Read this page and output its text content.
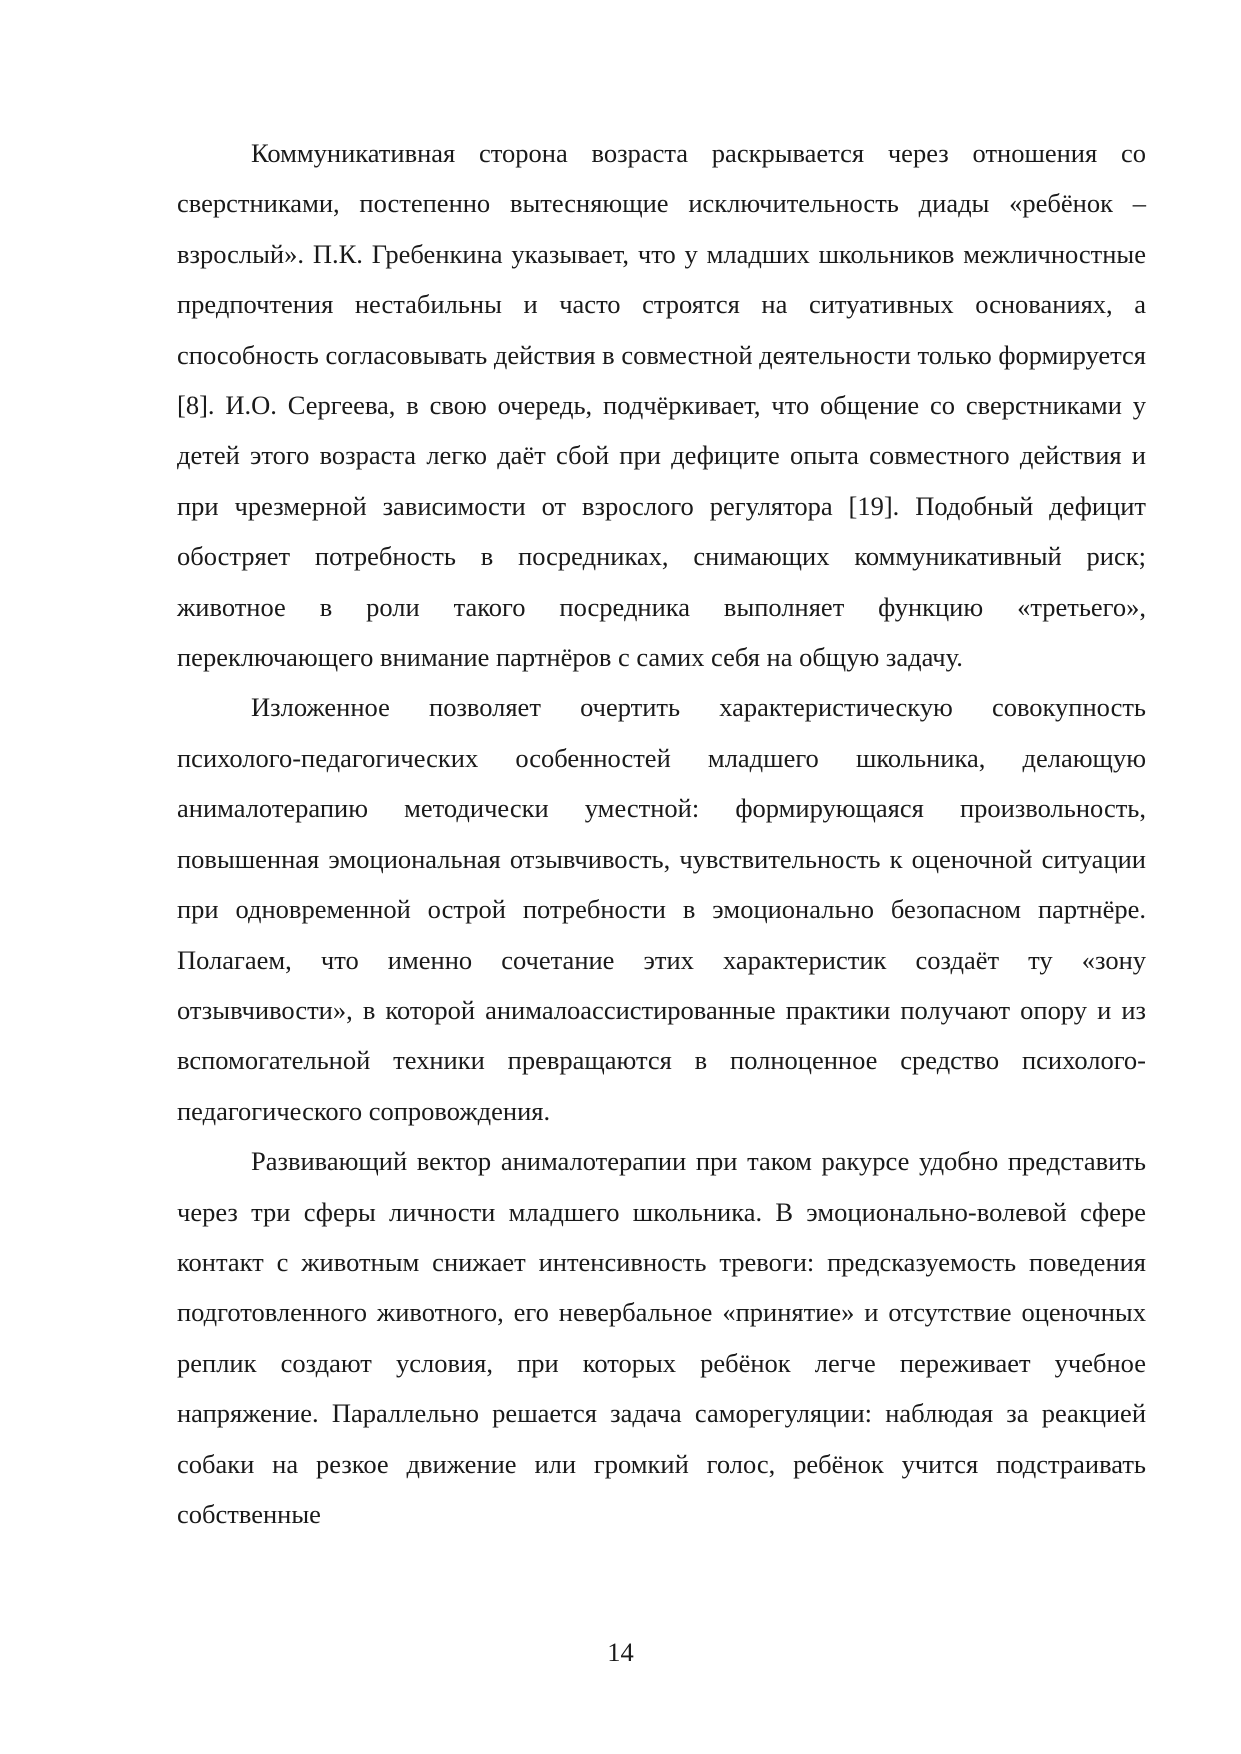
Коммуникативная сторона возраста раскрывается через отношения со сверстниками, постепенно вытесняющие исключительность диады «ребёнок – взрослый». П.К. Гребенкина указывает, что у младших школьников межличностные предпочтения нестабильны и часто строятся на ситуативных основаниях, а способность согласовывать действия в совместной деятельности только формируется [8]. И.О. Сергеева, в свою очередь, подчёркивает, что общение со сверстниками у детей этого возраста легко даёт сбой при дефиците опыта совместного действия и при чрезмерной зависимости от взрослого регулятора [19]. Подобный дефицит обостряет потребность в посредниках, снимающих коммуникативный риск; животное в роли такого посредника выполняет функцию «третьего», переключающего внимание партнёров с самих себя на общую задачу.

Изложенное позволяет очертить характеристическую совокупность психолого-педагогических особенностей младшего школьника, делающую анималотерапию методически уместной: формирующаяся произвольность, повышенная эмоциональная отзывчивость, чувствительность к оценочной ситуации при одновременной острой потребности в эмоционально безопасном партнёре. Полагаем, что именно сочетание этих характеристик создаёт ту «зону отзывчивости», в которой анималоассистированные практики получают опору и из вспомогательной техники превращаются в полноценное средство психолого-педагогического сопровождения.

Развивающий вектор анималотерапии при таком ракурсе удобно представить через три сферы личности младшего школьника. В эмоционально-волевой сфере контакт с животным снижает интенсивность тревоги: предсказуемость поведения подготовленного животного, его невербальное «принятие» и отсутствие оценочных реплик создают условия, при которых ребёнок легче переживает учебное напряжение. Параллельно решается задача саморегуляции: наблюдая за реакцией собаки на резкое движение или громкий голос, ребёнок учится подстраивать собственные

14
